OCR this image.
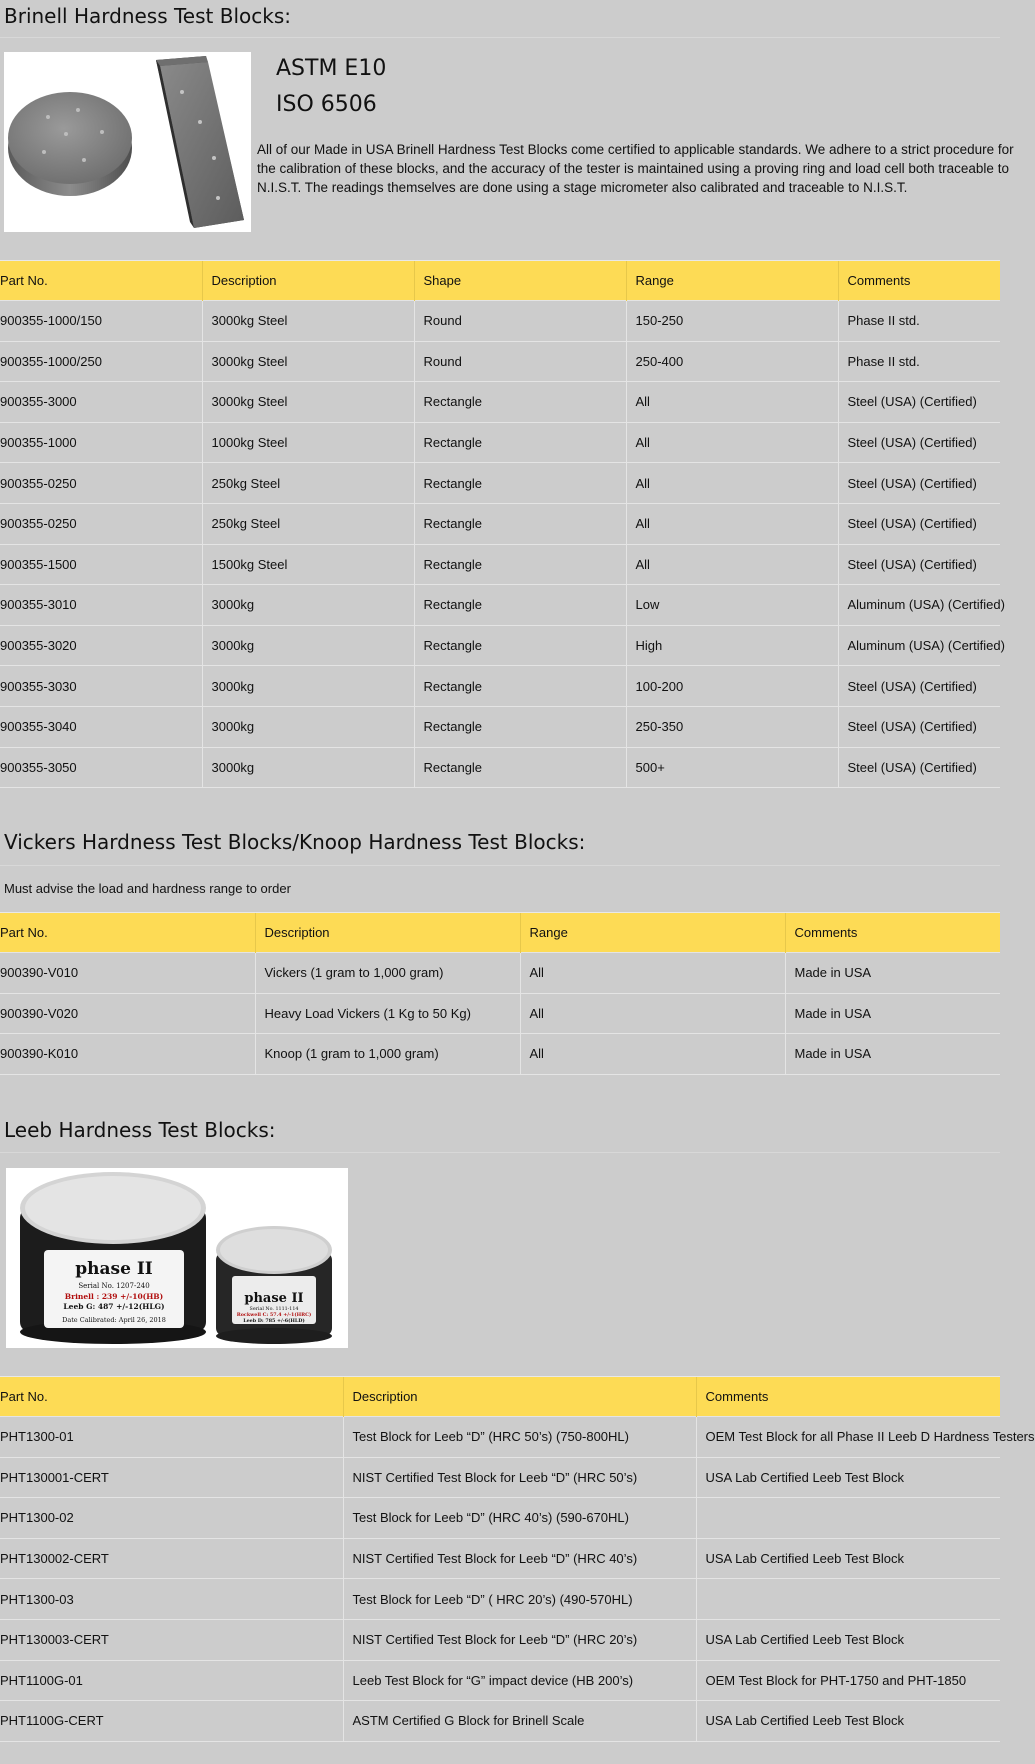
Brinell Hardness Test Blocks:
ASTM E10
ISO 6506

All of our Made in USA Brinell Hardness Test Blocks come certified to applicable standards. We adhere to a strict procedure for the calibration of these blocks, and the accuracy of the tester is maintained using a proving ring and load cell both traceable to N.I.S.T. The readings themselves are done using a stage micrometer also calibrated and traceable to N.I.S.T.

Part No.	Description	Shape	Range	Comments
900355-1000/150	3000kg Steel	Round	150-250	Phase II std.
900355-1000/250	3000kg Steel	Round	250-400	Phase II std.
900355-3000	3000kg Steel	Rectangle	All	Steel (USA) (Certified)
900355-1000	1000kg Steel	Rectangle	All	Steel (USA) (Certified)
900355-0250	250kg Steel	Rectangle	All	Steel (USA) (Certified)
900355-0250	250kg Steel	Rectangle	All	Steel (USA) (Certified)
900355-1500	1500kg Steel	Rectangle	All	Steel (USA) (Certified)
900355-3010	3000kg	Rectangle	Low	Aluminum (USA) (Certified)
900355-3020	3000kg	Rectangle	High	Aluminum (USA) (Certified)
900355-3030	3000kg	Rectangle	100-200	Steel (USA) (Certified)
900355-3040	3000kg	Rectangle	250-350	Steel (USA) (Certified)
900355-3050	3000kg	Rectangle	500+	Steel (USA) (Certified)
Vickers Hardness Test Blocks/Knoop Hardness Test Blocks:
Must advise the load and hardness range to order
Part No.	Description	Range	Comments
900390-V010	Vickers (1 gram to 1,000 gram)	All	Made in USA
900390-V020	Heavy Load Vickers (1 Kg to 50 Kg)	All	Made in USA
900390-K010	Knoop (1 gram to 1,000 gram)	All	Made in USA
Leeb Hardness Test Blocks:
phase II
Serial No. 1207-240
Brinell : 239 +/-10(HB)
Leeb G: 487 +/-12(HLG)
Date Calibrated: April 26, 2018
phase II
Serial No. 1111-114
Rockwell C: 57.4 +/-1(HRC)
Leeb D: 785 +/-6(HLD)
Part No.	Description	Comments
PHT1300-01	Test Block for Leeb “D” (HRC 50’s) (750-800HL)	OEM Test Block for all Phase II Leeb D Hardness Testers
PHT130001-CERT	NIST Certified Test Block for Leeb “D” (HRC 50’s)	USA Lab Certified Leeb Test Block
PHT1300-02	Test Block for Leeb “D” (HRC 40’s) (590-670HL)	
PHT130002-CERT	NIST Certified Test Block for Leeb “D” (HRC 40’s)	USA Lab Certified Leeb Test Block
PHT1300-03	Test Block for Leeb “D” ( HRC 20’s) (490-570HL)	
PHT130003-CERT	NIST Certified Test Block for Leeb “D” (HRC 20’s)	USA Lab Certified Leeb Test Block
PHT1100G-01	Leeb Test Block for “G” impact device (HB 200’s)	OEM Test Block for PHT-1750 and PHT-1850
PHT1100G-CERT	ASTM Certified G Block for Brinell Scale	USA Lab Certified Leeb Test Block
